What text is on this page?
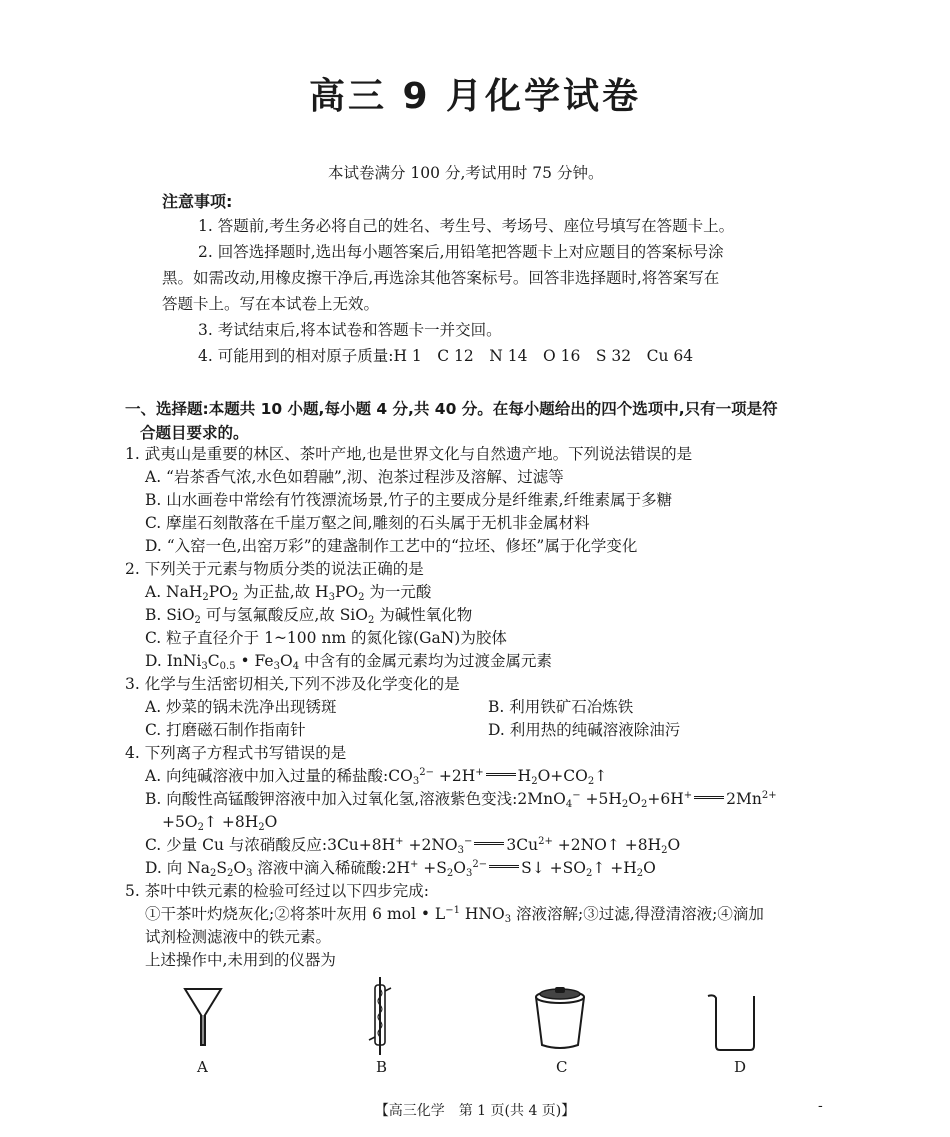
高三 9 月化学试卷
本试卷满分 100 分,考试用时 75 分钟。
注意事项:
1. 答题前,考生务必将自己的姓名、考生号、考场号、座位号填写在答题卡上。
2. 回答选择题时,选出每小题答案后,用铅笔把答题卡上对应题目的答案标号涂
黑。如需改动,用橡皮擦干净后,再选涂其他答案标号。回答非选择题时,将答案写在
答题卡上。写在本试卷上无效。
3. 考试结束后,将本试卷和答题卡一并交回。
4. 可能用到的相对原子质量:H 1　C 12　N 14　O 16　S 32　Cu 64
一、选择题:本题共 10 小题,每小题 4 分,共 40 分。在每小题给出的四个选项中,只有一项是符
合题目要求的。
1. 武夷山是重要的林区、茶叶产地,也是世界文化与自然遗产地。下列说法错误的是
A. “岩茶香气浓,水色如碧融”,沏、泡茶过程涉及溶解、过滤等
B. 山水画卷中常绘有竹筏漂流场景,竹子的主要成分是纤维素,纤维素属于多糖
C. 摩崖石刻散落在千崖万壑之间,雕刻的石头属于无机非金属材料
D. “入窑一色,出窑万彩”的建盏制作工艺中的“拉坯、修坯”属于化学变化
2. 下列关于元素与物质分类的说法正确的是
A. $NaH_2PO_2$ 为正盐,故 $H_3PO_2$ 为一元酸
B. SiO$_2$ 可与氢氟酸反应,故 SiO$_2$ 为碱性氧化物
C. 粒子直径介于 1~100 nm 的氮化镓(GaN)为胶体
D. $InNi_3C_{0.5}$ • $Fe_3O_4$ 中含有的金属元素均为过渡金属元素
3. 化学与生活密切相关,下列不涉及化学变化的是
A. 炒菜的锅未洗净出现锈斑	B. 利用铁矿石冶炼铁
C. 打磨磁石制作指南针	D. 利用热的纯碱溶液除油污
4. 下列离子方程式书写错误的是
A. 向纯碱溶液中加入过量的稀盐酸$:CO_3^{2-} +2H^+$ $H_2O+CO_2↑$
B. 向酸性高锰酸钾溶液中加入过氧化氢,溶液紫色变浅:2MnO$_4$− $+5H_2O_2+6H^+$ $2Mn^{2+}$
$+5O_2↑ +8H_2O$
C. 少量 Cu 与浓硝酸反应:3Cu+8H+ $+2NO_3^-$ $3Cu^{2+}$ +2NO↑ $+8H_2O$
D. 向 $Na_2S_2O_3$ 溶液中滴入稀硫酸:2H+ $+S_2O_3^{2-}$ S↓ $+SO_2↑ +H_2O$
5. 茶叶中铁元素的检验可经过以下四步完成:
①干茶叶灼烧灰化;②将茶叶灰用 6 mol • $L^{-1}$ $HNO_3$ 溶液溶解;③过滤,得澄清溶液;④滴加
试剂检测滤液中的铁元素。
上述操作中,未用到的仪器为
A	B	C	D
【高三化学　第 1 页(共 4 页)】	-
